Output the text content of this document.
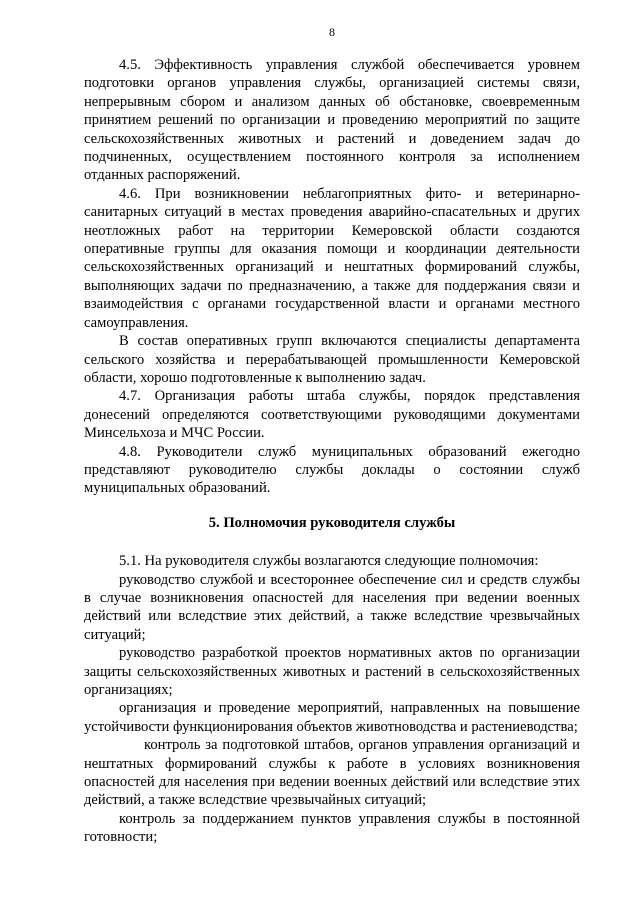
8

4.5. Эффективность управления службой обеспечивается уровнем подготовки органов управления службы, организацией системы связи, непрерывным сбором и анализом данных об обстановке, своевременным принятием решений по организации и проведению мероприятий по защите сельскохозяйственных животных и растений и доведением задач до подчиненных, осуществлением постоянного контроля за исполнением отданных распоряжений.

4.6. При возникновении неблагоприятных фито- и ветеринарно-санитарных ситуаций в местах проведения аварийно-спасательных и других неотложных работ на территории Кемеровской области создаются оперативные группы для оказания помощи и координации деятельности сельскохозяйственных организаций и нештатных формирований службы, выполняющих задачи по предназначению, а также для поддержания связи и взаимодействия с органами государственной власти и органами местного самоуправления.

В состав оперативных групп включаются специалисты департамента сельского хозяйства и перерабатывающей промышленности Кемеровской области, хорошо подготовленные к выполнению задач.

4.7. Организация работы штаба службы, порядок представления донесений определяются соответствующими руководящими документами Минсельхоза и МЧС России.

4.8. Руководители служб муниципальных образований ежегодно представляют руководителю службы доклады о состоянии служб муниципальных образований.

5. Полномочия руководителя службы

5.1. На руководителя службы возлагаются следующие полномочия:

руководство службой и всестороннее обеспечение сил и средств службы в случае возникновения опасностей для населения при ведении военных действий или вследствие этих действий, а также вследствие чрезвычайных ситуаций;

руководство разработкой проектов нормативных актов по организации защиты сельскохозяйственных животных и растений в сельскохозяйственных организациях;

организация и проведение мероприятий, направленных на повышение устойчивости функционирования объектов животноводства и растениеводства;

контроль за подготовкой штабов, органов управления организаций и нештатных формирований службы к работе в условиях возникновения опасностей для населения при ведении военных действий или вследствие этих действий, а также вследствие чрезвычайных ситуаций;

контроль за поддержанием пунктов управления службы в постоянной готовности;
